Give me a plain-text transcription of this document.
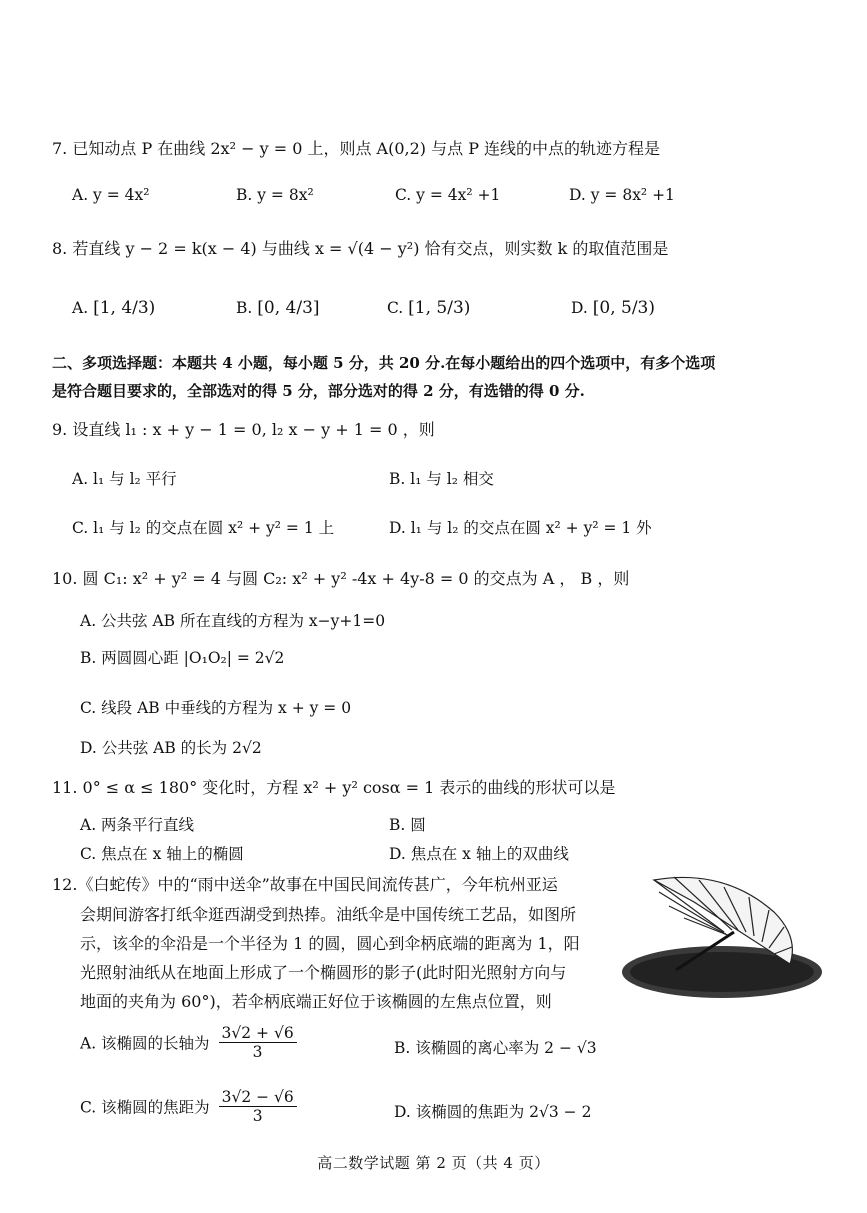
7. 已知动点 P 在曲线 2x² − y = 0 上，则点 A(0,2) 与点 P 连线的中点的轨迹方程是
A. y = 4x²	B. y = 8x²	C. y = 4x² +1	D. y = 8x² +1
8. 若直线 y − 2 = k(x − 4) 与曲线 x = √(4 − y²) 恰有交点，则实数 k 的取值范围是
A. [1, 4/3)	B. [0, 4/3]	C. [1, 5/3)	D. [0, 5/3)
二、多项选择题：本题共 4 小题，每小题 5 分，共 20 分.在每小题给出的四个选项中，有多个选项
是符合题目要求的，全部选对的得 5 分，部分选对的得 2 分，有选错的得 0 分.
9. 设直线 l₁ : x + y − 1 = 0, l₂ x − y + 1 = 0 ，则
A. l₁ 与 l₂ 平行	B. l₁ 与 l₂ 相交
C. l₁ 与 l₂ 的交点在圆 x² + y² = 1 上	D. l₁ 与 l₂ 的交点在圆 x² + y² = 1 外
10. 圆 C₁: x² + y² = 4 与圆 C₂: x² + y² -4x + 4y-8 = 0 的交点为 A ， B ，则
A. 公共弦 AB 所在直线的方程为 x−y+1=0
B. 两圆圆心距 |O₁O₂| = 2√2
C. 线段 AB 中垂线的方程为 x + y = 0
D. 公共弦 AB 的长为 2√2
11. 0° ≤ α ≤ 180° 变化时，方程 x² + y² cosα = 1 表示的曲线的形状可以是
A. 两条平行直线	B. 圆
C. 焦点在 x 轴上的椭圆	D. 焦点在 x 轴上的双曲线
12.《白蛇传》中的“雨中送伞”故事在中国民间流传甚广，今年杭州亚运
会期间游客打纸伞逛西湖受到热捧。油纸伞是中国传统工艺品，如图所
示，该伞的伞沿是一个半径为 1 的圆，圆心到伞柄底端的距离为 1，阳
光照射油纸从在地面上形成了一个椭圆形的影子(此时阳光照射方向与
地面的夹角为 60°)，若伞柄底端正好位于该椭圆的左焦点位置，则
A. 该椭圆的长轴为 $\frac{3√2 + √6}{3}$	B. 该椭圆的离心率为 2 − √3
C. 该椭圆的焦距为 $\frac{3√2 - √6}{3}$	D. 该椭圆的焦距为 2√3 − 2
高二数学试题 第 2 页（共 4 页）
